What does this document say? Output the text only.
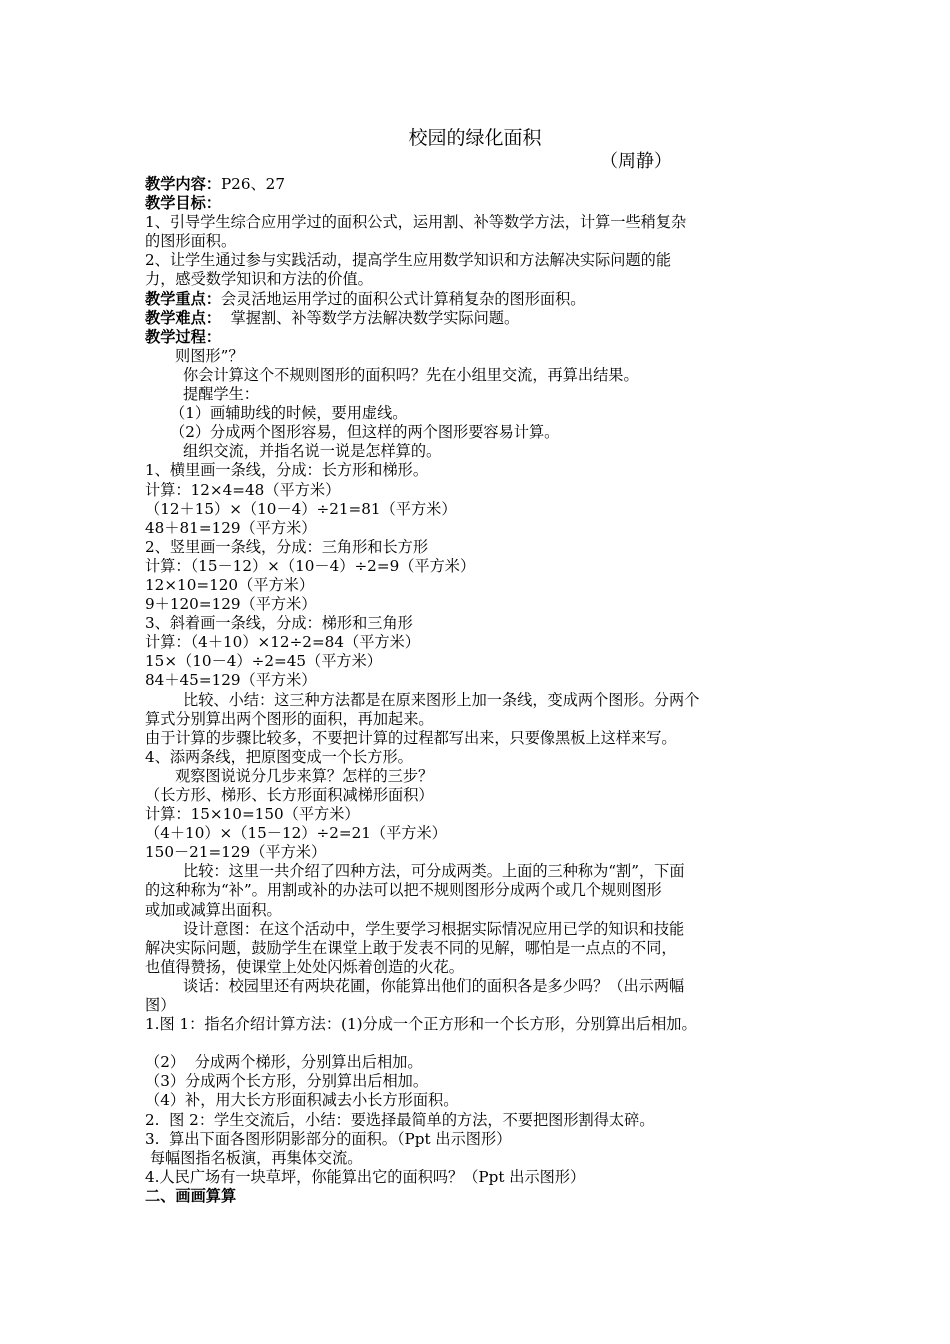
校园的绿化面积
（周静）
教学内容：P26、27
教学目标：
1、引导学生综合应用学过的面积公式，运用割、补等数学方法，计算一些稍复杂
的图形面积。
2、让学生通过参与实践活动，提高学生应用数学知识和方法解决实际问题的能
力，感受数学知识和方法的价值。
教学重点：会灵活地运用学过的面积公式计算稍复杂的图形面积。
教学难点：  掌握割、补等数学方法解决数学实际问题。
教学过程：
则图形”？
你会计算这个不规则图形的面积吗？先在小组里交流，再算出结果。
提醒学生：
（1）画辅助线的时候，要用虚线。
（2）分成两个图形容易，但这样的两个图形要容易计算。
组织交流，并指名说一说是怎样算的。
1、横里画一条线，分成：长方形和梯形。
计算：12×4=48（平方米）
（12＋15）×（10－4）÷21=81（平方米）
48＋81=129（平方米）
2、竖里画一条线，分成：三角形和长方形
计算：（15－12）×（10－4）÷2=9（平方米）
12×10=120（平方米）
9＋120=129（平方米）
3、斜着画一条线，分成：梯形和三角形
计算：（4＋10）×12÷2=84（平方米）
15×（10－4）÷2=45（平方米）
84＋45=129（平方米）
比较、小结：这三种方法都是在原来图形上加一条线，变成两个图形。分两个
算式分别算出两个图形的面积，再加起来。
由于计算的步骤比较多，不要把计算的过程都写出来，只要像黑板上这样来写。
4、添两条线，把原图变成一个长方形。
观察图说说分几步来算？怎样的三步？
（长方形、梯形、长方形面积减梯形面积）
计算：15×10=150（平方米）
（4＋10）×（15－12）÷2=21（平方米）
150－21=129（平方米）
比较：这里一共介绍了四种方法，可分成两类。上面的三种称为“割”，下面
的这种称为“补”。用割或补的办法可以把不规则图形分成两个或几个规则图形
或加或减算出面积。
设计意图：在这个活动中，学生要学习根据实际情况应用已学的知识和技能
解决实际问题，鼓励学生在课堂上敢于发表不同的见解，哪怕是一点点的不同，
也值得赞扬，使课堂上处处闪烁着创造的火花。
谈话：校园里还有两块花圃，你能算出他们的面积各是多少吗？（出示两幅
图）
1.图 1：指名介绍计算方法：(1)分成一个正方形和一个长方形，分别算出后相加。
（2）  分成两个梯形，分别算出后相加。
（3）分成两个长方形，分别算出后相加。
（4）补，用大长方形面积减去小长方形面积。
2.  图 2：学生交流后，小结：要选择最简单的方法，不要把图形割得太碎。
3.  算出下面各图形阴影部分的面积。（Ppt 出示图形）
每幅图指名板演，再集体交流。
4.人民广场有一块草坪，你能算出它的面积吗？（Ppt 出示图形）
二、画画算算
